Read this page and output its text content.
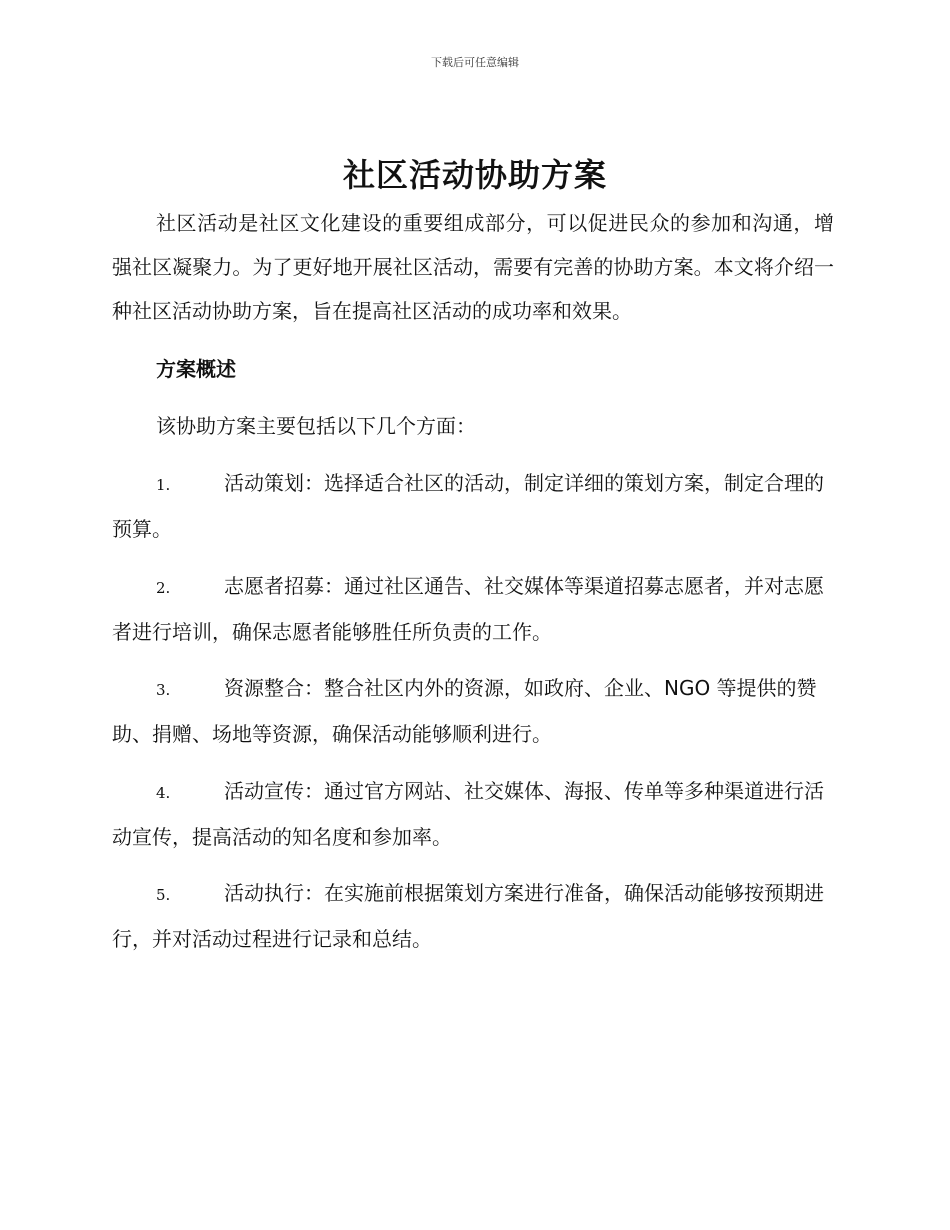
下载后可任意编辑
社区活动协助方案

社区活动是社区文化建设的重要组成部分，可以促进民众的参加和沟通，增强社区凝聚力。为了更好地开展社区活动，需要有完善的协助方案。本文将介绍一种社区活动协助方案，旨在提高社区活动的成功率和效果。

方案概述

该协助方案主要包括以下几个方面：

1.	活动策划：选择适合社区的活动，制定详细的策划方案，制定合理的预算。

2.	志愿者招募：通过社区通告、社交媒体等渠道招募志愿者，并对志愿者进行培训，确保志愿者能够胜任所负责的工作。

3.	资源整合：整合社区内外的资源，如政府、企业、NGO 等提供的赞助、捐赠、场地等资源，确保活动能够顺利进行。

4.	活动宣传：通过官方网站、社交媒体、海报、传单等多种渠道进行活动宣传，提高活动的知名度和参加率。

5.	活动执行：在实施前根据策划方案进行准备，确保活动能够按预期进行，并对活动过程进行记录和总结。
